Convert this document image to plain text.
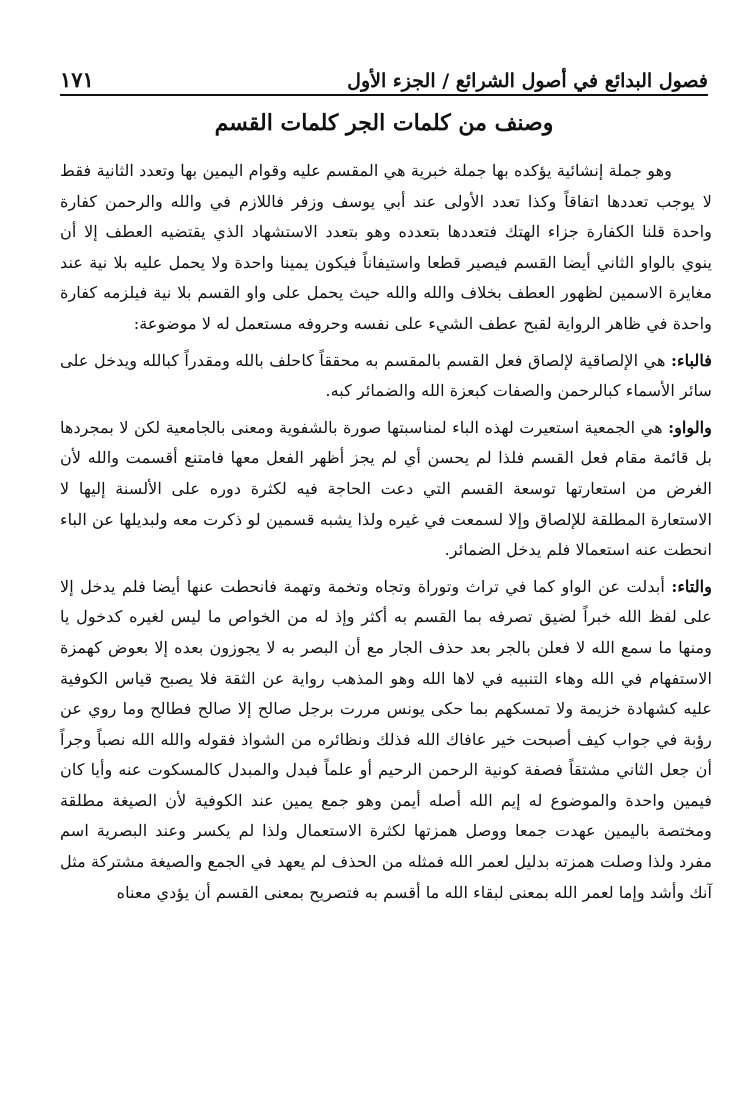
فصول البدائع في أصول الشرائع / الجزء الأول
١٧١
وصنف من كلمات الجر كلمات القسم

وهو جملة إنشائية يؤكده بها جملة خبرية هي المقسم عليه وقوام اليمين بها وتعدد الثانية فقط لا يوجب تعددها اتفاقاً وكذا تعدد الأولى عند أبي يوسف وزفر فاللازم في والله والرحمن كفارة واحدة قلنا الكفارة جزاء الهتك فتعددها بتعدده وهو بتعدد الاستشهاد الذي يقتضيه العطف إلا أن ينوي بالواو الثاني أيضا القسم فيصير قطعا واستيفاناً فيكون يمينا واحدة ولا يحمل عليه بلا نية عند مغايرة الاسمين لظهور العطف بخلاف والله والله حيث يحمل على واو القسم بلا نية فيلزمه كفارة واحدة في ظاهر الرواية لقبح عطف الشيء على نفسه وحروفه مستعمل له لا موضوعة:

فالباء: هي الإلصاقية لإلصاق فعل القسم بالمقسم به محققاً كاحلف بالله ومقدراً كبالله ويدخل على سائر الأسماء كبالرحمن والصفات كبعزة الله والضمائر كبه.

والواو: هي الجمعية استعيرت لهذه الباء لمناسبتها صورة بالشفوية ومعنى بالجامعية لكن لا بمجردها بل قائمة مقام فعل القسم فلذا لم يحسن أي لم يجز أظهر الفعل معها فامتنع أقسمت والله لأن الغرض من استعارتها توسعة القسم التي دعت الحاجة فيه لكثرة دوره على الألسنة إليها لا الاستعارة المطلقة للإلصاق وإلا لسمعت في غيره ولذا يشبه قسمين لو ذكرت معه ولبديلها عن الباء انحطت عنه استعمالا فلم يدخل الضمائر.

والتاء: أبدلت عن الواو كما في تراث وتوراة وتجاه وتخمة وتهمة فانحطت عنها أيضا فلم يدخل إلا على لفظ الله خبراً لضيق تصرفه بما القسم به أكثر وإذ له من الخواص ما ليس لغيره كدخول يا ومنها ما سمع الله لا فعلن بالجر بعد حذف الجار مع أن البصر به لا يجوزون بعده إلا بعوض كهمزة الاستفهام في الله وهاء التنبيه في لاها الله وهو المذهب رواية عن الثقة فلا يصبح قياس الكوفية عليه كشهادة خزيمة ولا تمسكهم بما حكى يونس مررت برجل صالح إلا صالح فطالح وما روي عن رؤبة في جواب كيف أصبحت خير عافاك الله فذلك ونظائره من الشواذ فقوله والله الله نصباً وجراً أن جعل الثاني مشتقاً فصفة كونية الرحمن الرحيم أو علماً فبدل والمبدل كالمسكوت عنه وأيا كان فيمين واحدة والموضوع له إيم الله أصله أيمن وهو جمع يمين عند الكوفية لأن الصيغة مطلقة ومختصة باليمين عهدت جمعا ووصل همزتها لكثرة الاستعمال ولذا لم يكسر وعند البصرية اسم مفرد ولذا وصلت همزته بدليل لعمر الله فمثله من الحذف لم يعهد في الجمع والصيغة مشتركة مثل آنك وأشد وإما لعمر الله بمعنى لبقاء الله ما أقسم به فتصريح بمعنى القسم أن يؤدي معناه
